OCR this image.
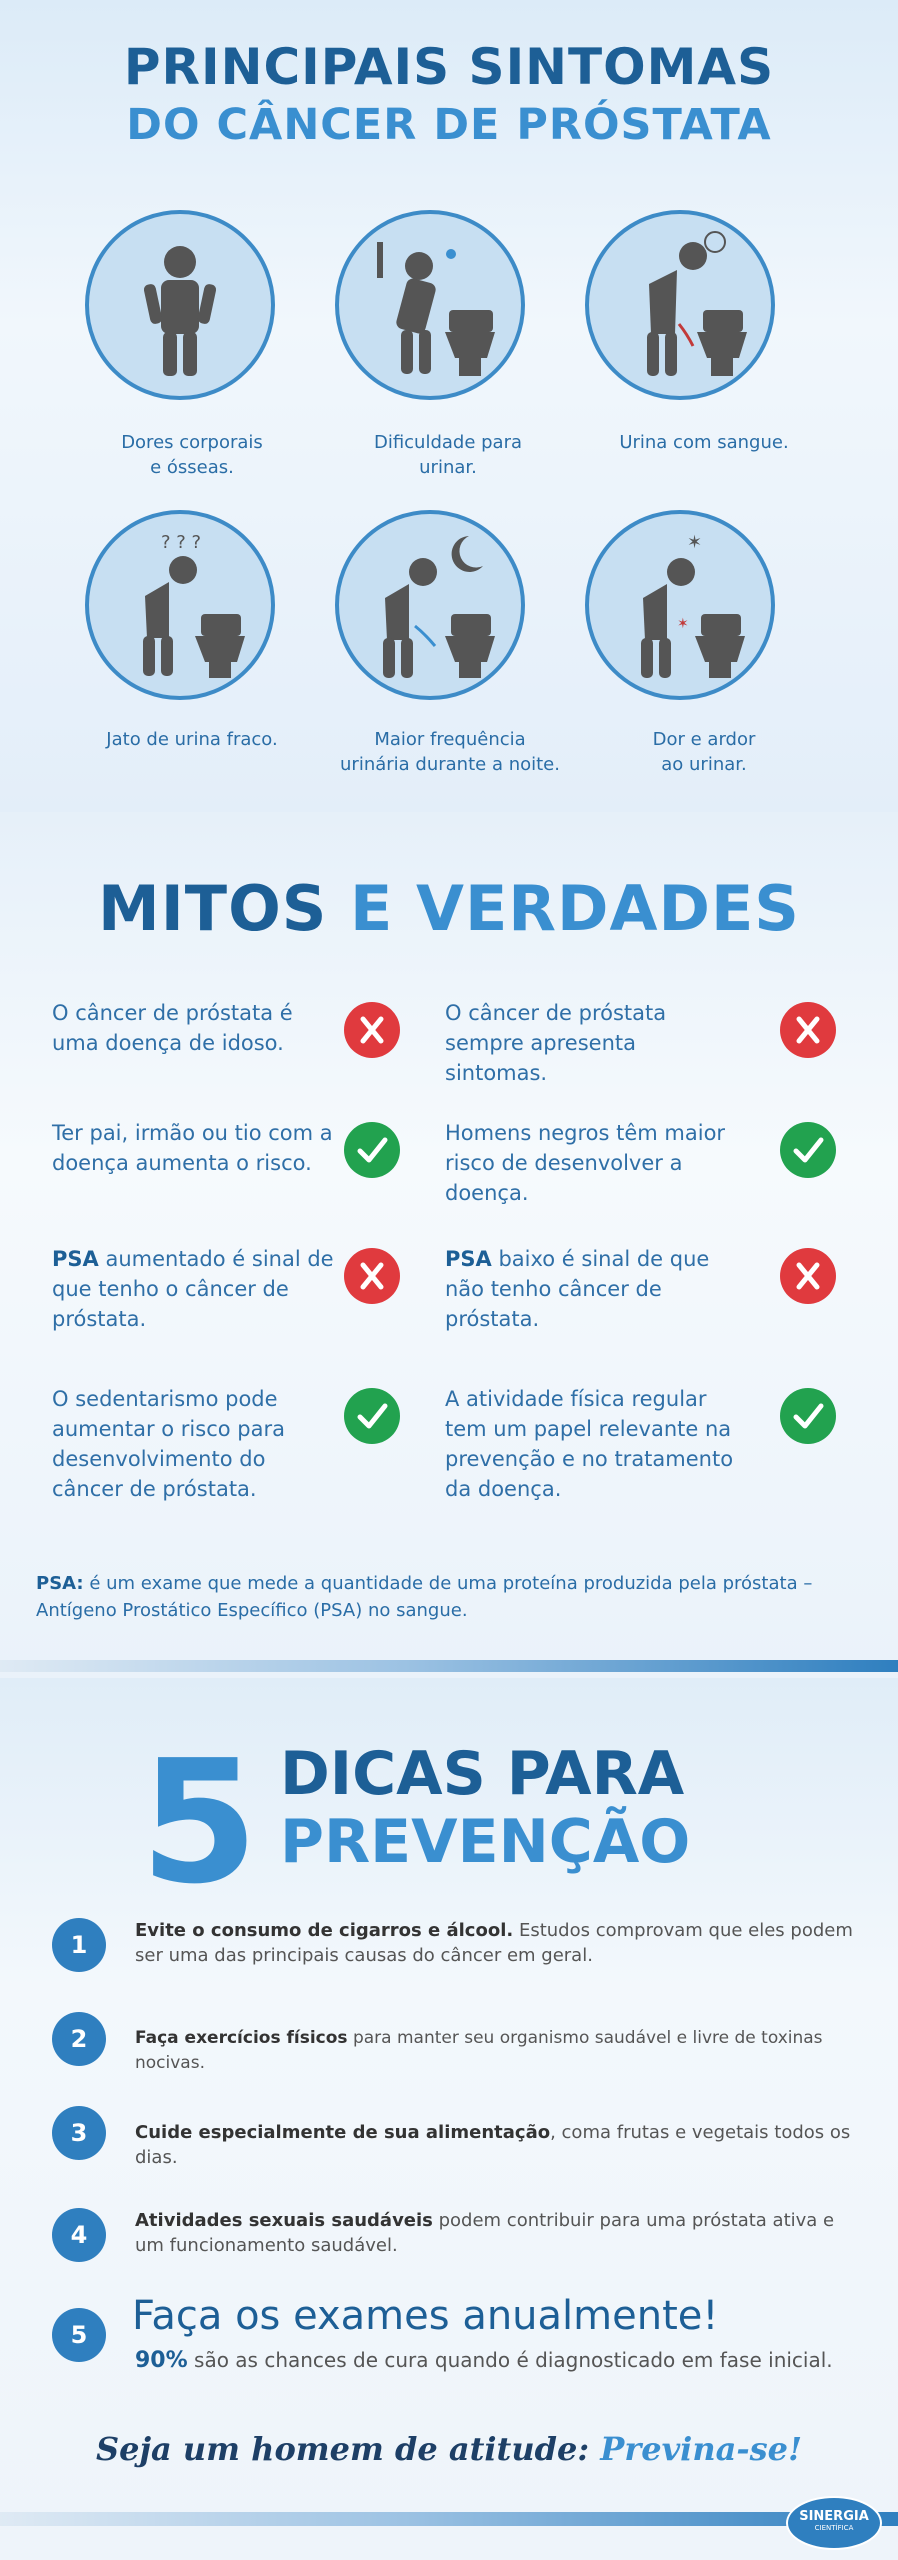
PRINCIPAIS SINTOMAS
DO CÂNCER DE PRÓSTATA
Dores corporais
e ósseas.
Dificuldade para
urinar.
Urina com sangue.
? ? ?	✶
✶
Jato de urina fraco.	Maior frequência
urinária durante a noite.
Dor e ardor
ao urinar.
MITOS E VERDADES
O câncer de próstata é uma doença de idoso.
O câncer de próstata sempre apresenta sintomas.
Ter pai, irmão ou tio com a doença aumenta o risco.
Homens negros têm maior risco de desenvolver a doença.
PSA aumentado é sinal de que tenho o câncer de próstata.
PSA baixo é sinal de que não tenho câncer de próstata.
O sedentarismo pode aumentar o risco para desenvolvimento do câncer de próstata.
A atividade física regular tem um papel relevante na prevenção e no tratamento da doença.
PSA: é um exame que mede a quantidade de uma proteína produzida pela próstata – Antígeno Prostático Específico (PSA) no sangue.
5 DICAS PARA
PREVENÇÃO
1
Evite o consumo de cigarros e álcool. Estudos comprovam que eles podem ser uma das principais causas do câncer em geral.
2	Faça exercícios físicos para manter seu organismo saudável e livre de toxinas nocivas.
3	Cuide especialmente de sua alimentação, coma frutas e vegetais todos os dias.
4
Atividades sexuais saudáveis podem contribuir para uma próstata ativa e um funcionamento saudável.
5	Faça os exames anualmente!
90% são as chances de cura quando é diagnosticado em fase inicial.
Seja um homem de atitude: Previna-se!
SINERGIA
CIENTÍFICA
